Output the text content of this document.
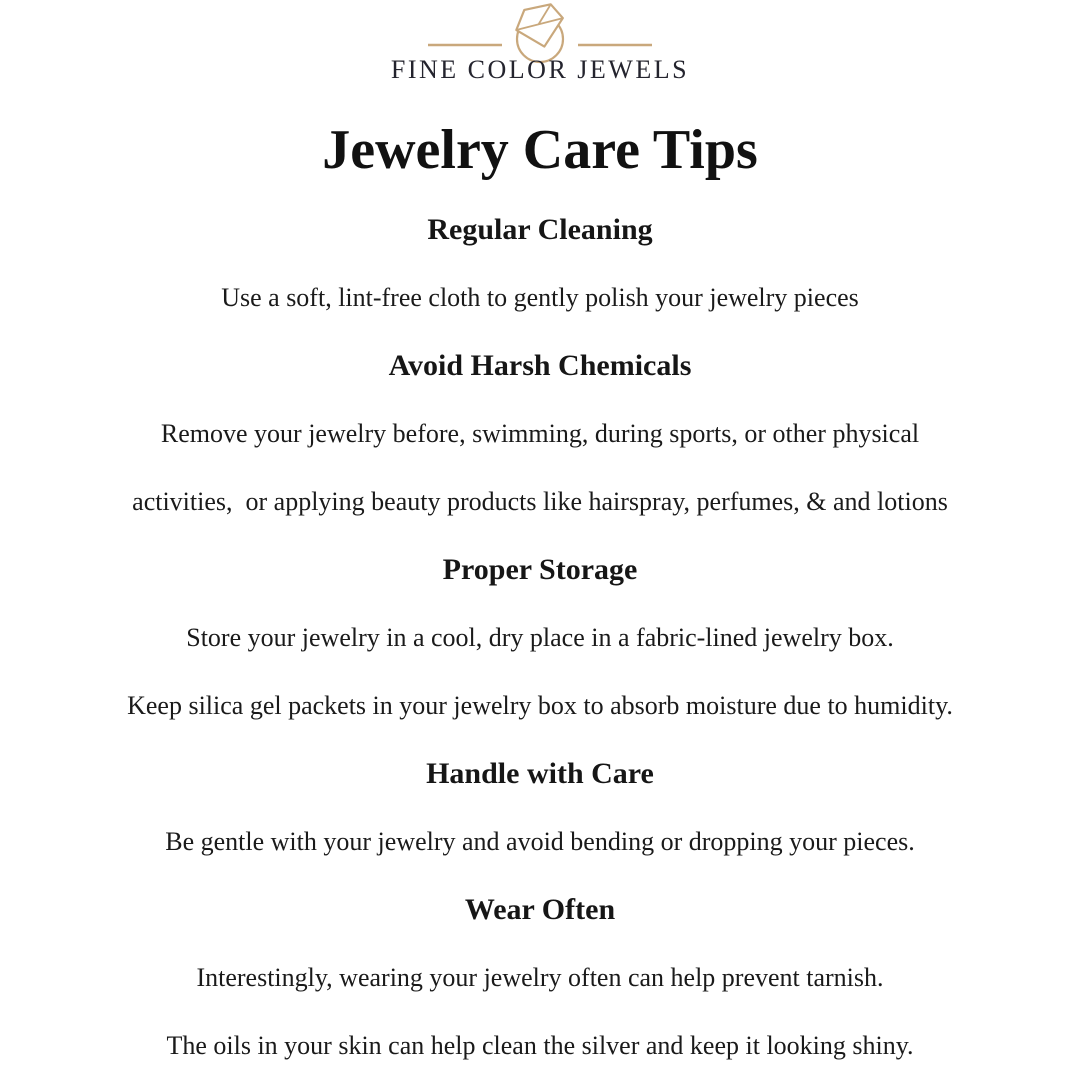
FINE COLOR JEWELS
Jewelry Care Tips
Regular Cleaning
Use a soft, lint-free cloth to gently polish your jewelry pieces
Avoid Harsh Chemicals
Remove your jewelry before, swimming, during sports, or other physical
activities,  or applying beauty products like hairspray, perfumes, & and lotions
Proper Storage
Store your jewelry in a cool, dry place in a fabric-lined jewelry box.
Keep silica gel packets in your jewelry box to absorb moisture due to humidity.
Handle with Care
Be gentle with your jewelry and avoid bending or dropping your pieces.
Wear Often
Interestingly, wearing your jewelry often can help prevent tarnish.
The oils in your skin can help clean the silver and keep it looking shiny.
